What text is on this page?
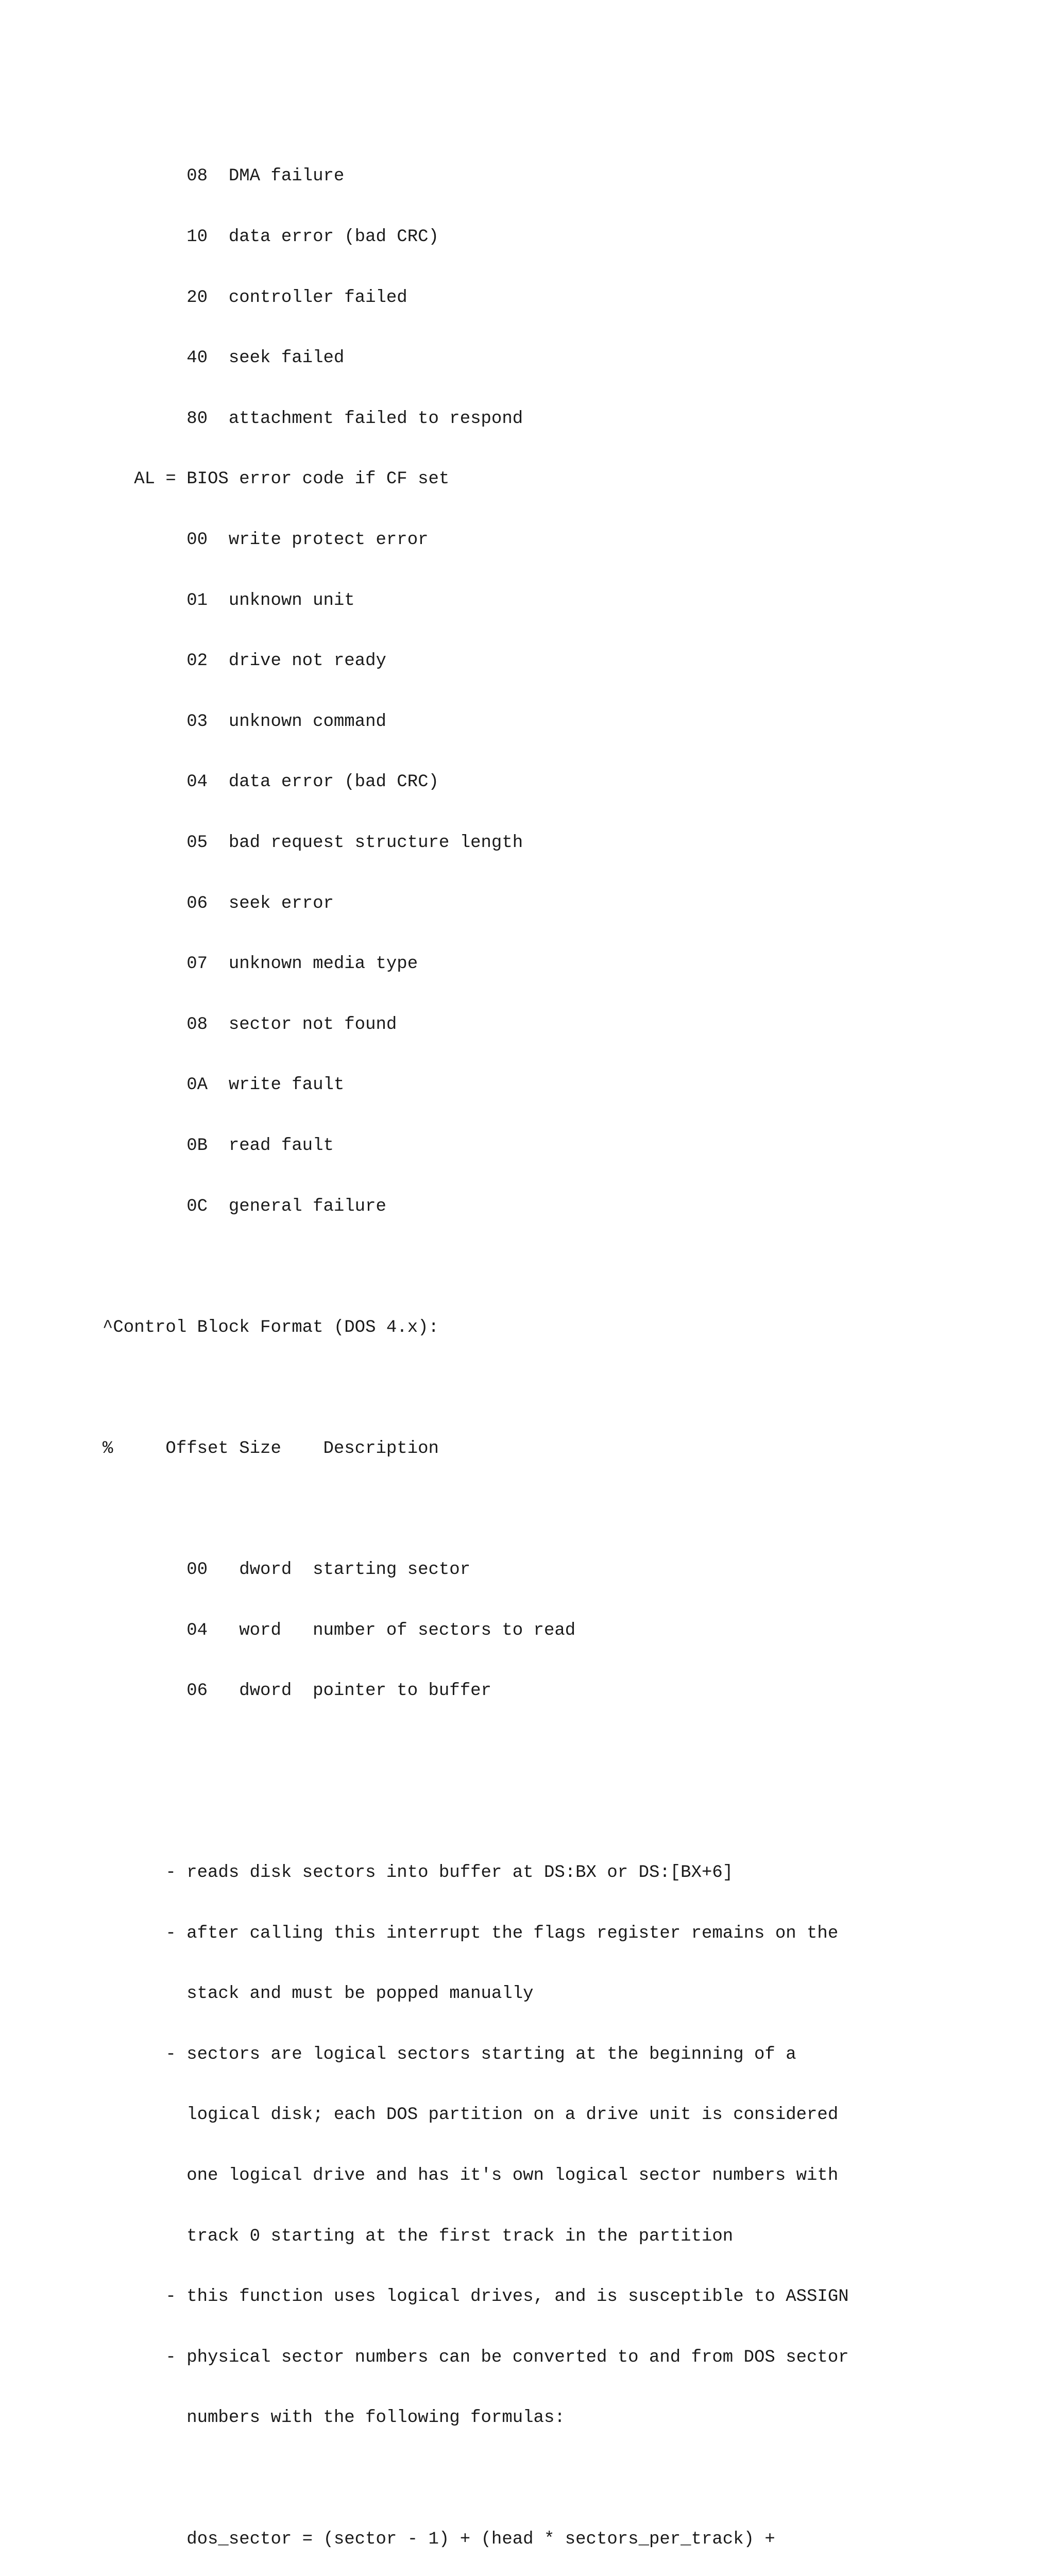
08  DMA failure

10  data error (bad CRC)

20  controller failed

40  seek failed

80  attachment failed to respond

AL = BIOS error code if CF set

00  write protect error

01  unknown unit

02  drive not ready

03  unknown command

04  data error (bad CRC)

05  bad request structure length

06  seek error

07  unknown media type

08  sector not found

0A  write fault

0B  read fault

0C  general failure

^Control Block Format (DOS 4.x):

%     Offset Size    Description

00   dword  starting sector

04   word   number of sectors to read

06   dword  pointer to buffer

- reads disk sectors into buffer at DS:BX or DS:[BX+6]

- after calling this interrupt the flags register remains on the

stack and must be popped manually

- sectors are logical sectors starting at the beginning of a

logical disk; each DOS partition on a drive unit is considered

one logical drive and has it's own logical sector numbers with

track 0 starting at the first track in the partition

- this function uses logical drives, and is susceptible to ASSIGN

- physical sector numbers can be converted to and from DOS sector

numbers with the following formulas:

dos_sector = (sector - 1) + (head * sectors_per_track) +
